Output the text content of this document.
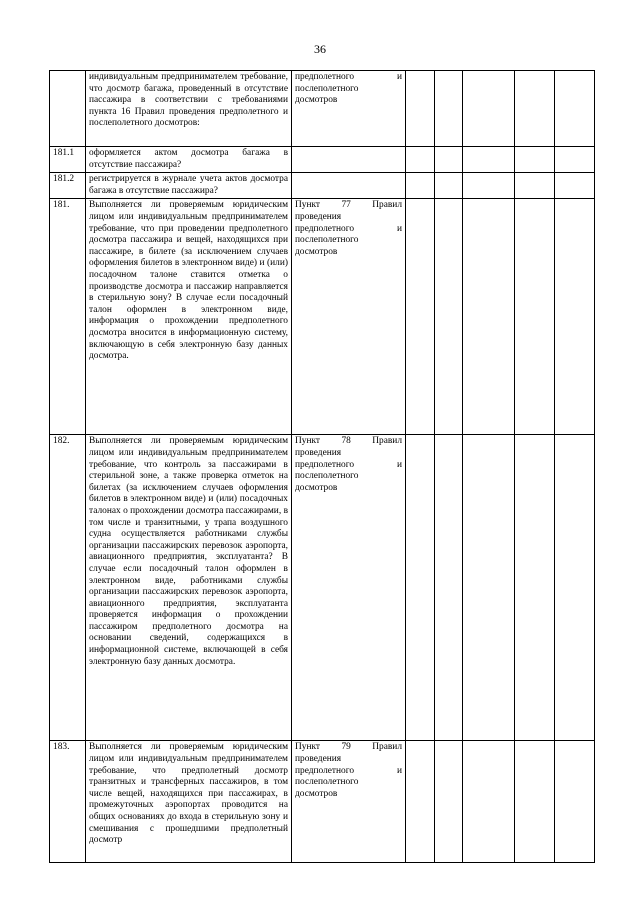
36
	индивидуальным предпринимателем требование, что досмотр багажа, проведенный в отсутствие пассажира в соответствии с требованиями пункта 16 Правил проведения предполетного и послеполетного досмотров:	предполетного и послеполетного досмотров					
181.1	оформляется актом досмотра багажа в отсутствие пассажира?						
181.2	регистрируется в журнале учета актов досмотра багажа в отсутствие пассажира?						
181.	Выполняется ли проверяемым юридическим лицом или индивидуальным предпринимателем требование, что при проведении предполетного досмотра пассажира и вещей, находящихся при пассажире, в билете (за исключением случаев оформления билетов в электронном виде) и (или) посадочном талоне ставится отметка о производстве досмотра и пассажир направляется в стерильную зону? В случае если посадочный талон оформлен в электронном виде, информация о прохождении предполетного досмотра вносится в информационную систему, включающую в себя электронную базу данных досмотра.	Пункт 77 Правил проведения предполетного и послеполетного досмотров					
182.	Выполняется ли проверяемым юридическим лицом или индивидуальным предпринимателем требование, что контроль за пассажирами в стерильной зоне, а также проверка отметок на билетах (за исключением случаев оформления билетов в электронном виде) и (или) посадочных талонах о прохождении досмотра пассажирами, в том числе и транзитными, у трапа воздушного судна осуществляется работниками службы организации пассажирских перевозок аэропорта, авиационного предприятия, эксплуатанта? В случае если посадочный талон оформлен в электронном виде, работниками службы организации пассажирских перевозок аэропорта, авиационного предприятия, эксплуатанта проверяется информация о прохождении пассажиром предполетного досмотра на основании сведений, содержащихся в информационной системе, включающей в себя электронную базу данных досмотра.	Пункт 78 Правил проведения предполетного и послеполетного досмотров					
183.	Выполняется ли проверяемым юридическим лицом или индивидуальным предпринимателем требование, что предполетный досмотр транзитных и трансферных пассажиров, в том числе вещей, находящихся при пассажирах, в промежуточных аэропортах проводится на общих основаниях до входа в стерильную зону и смешивания с прошедшими предполетный досмотр	Пункт 79 Правил проведения предполетного и послеполетного досмотров					
